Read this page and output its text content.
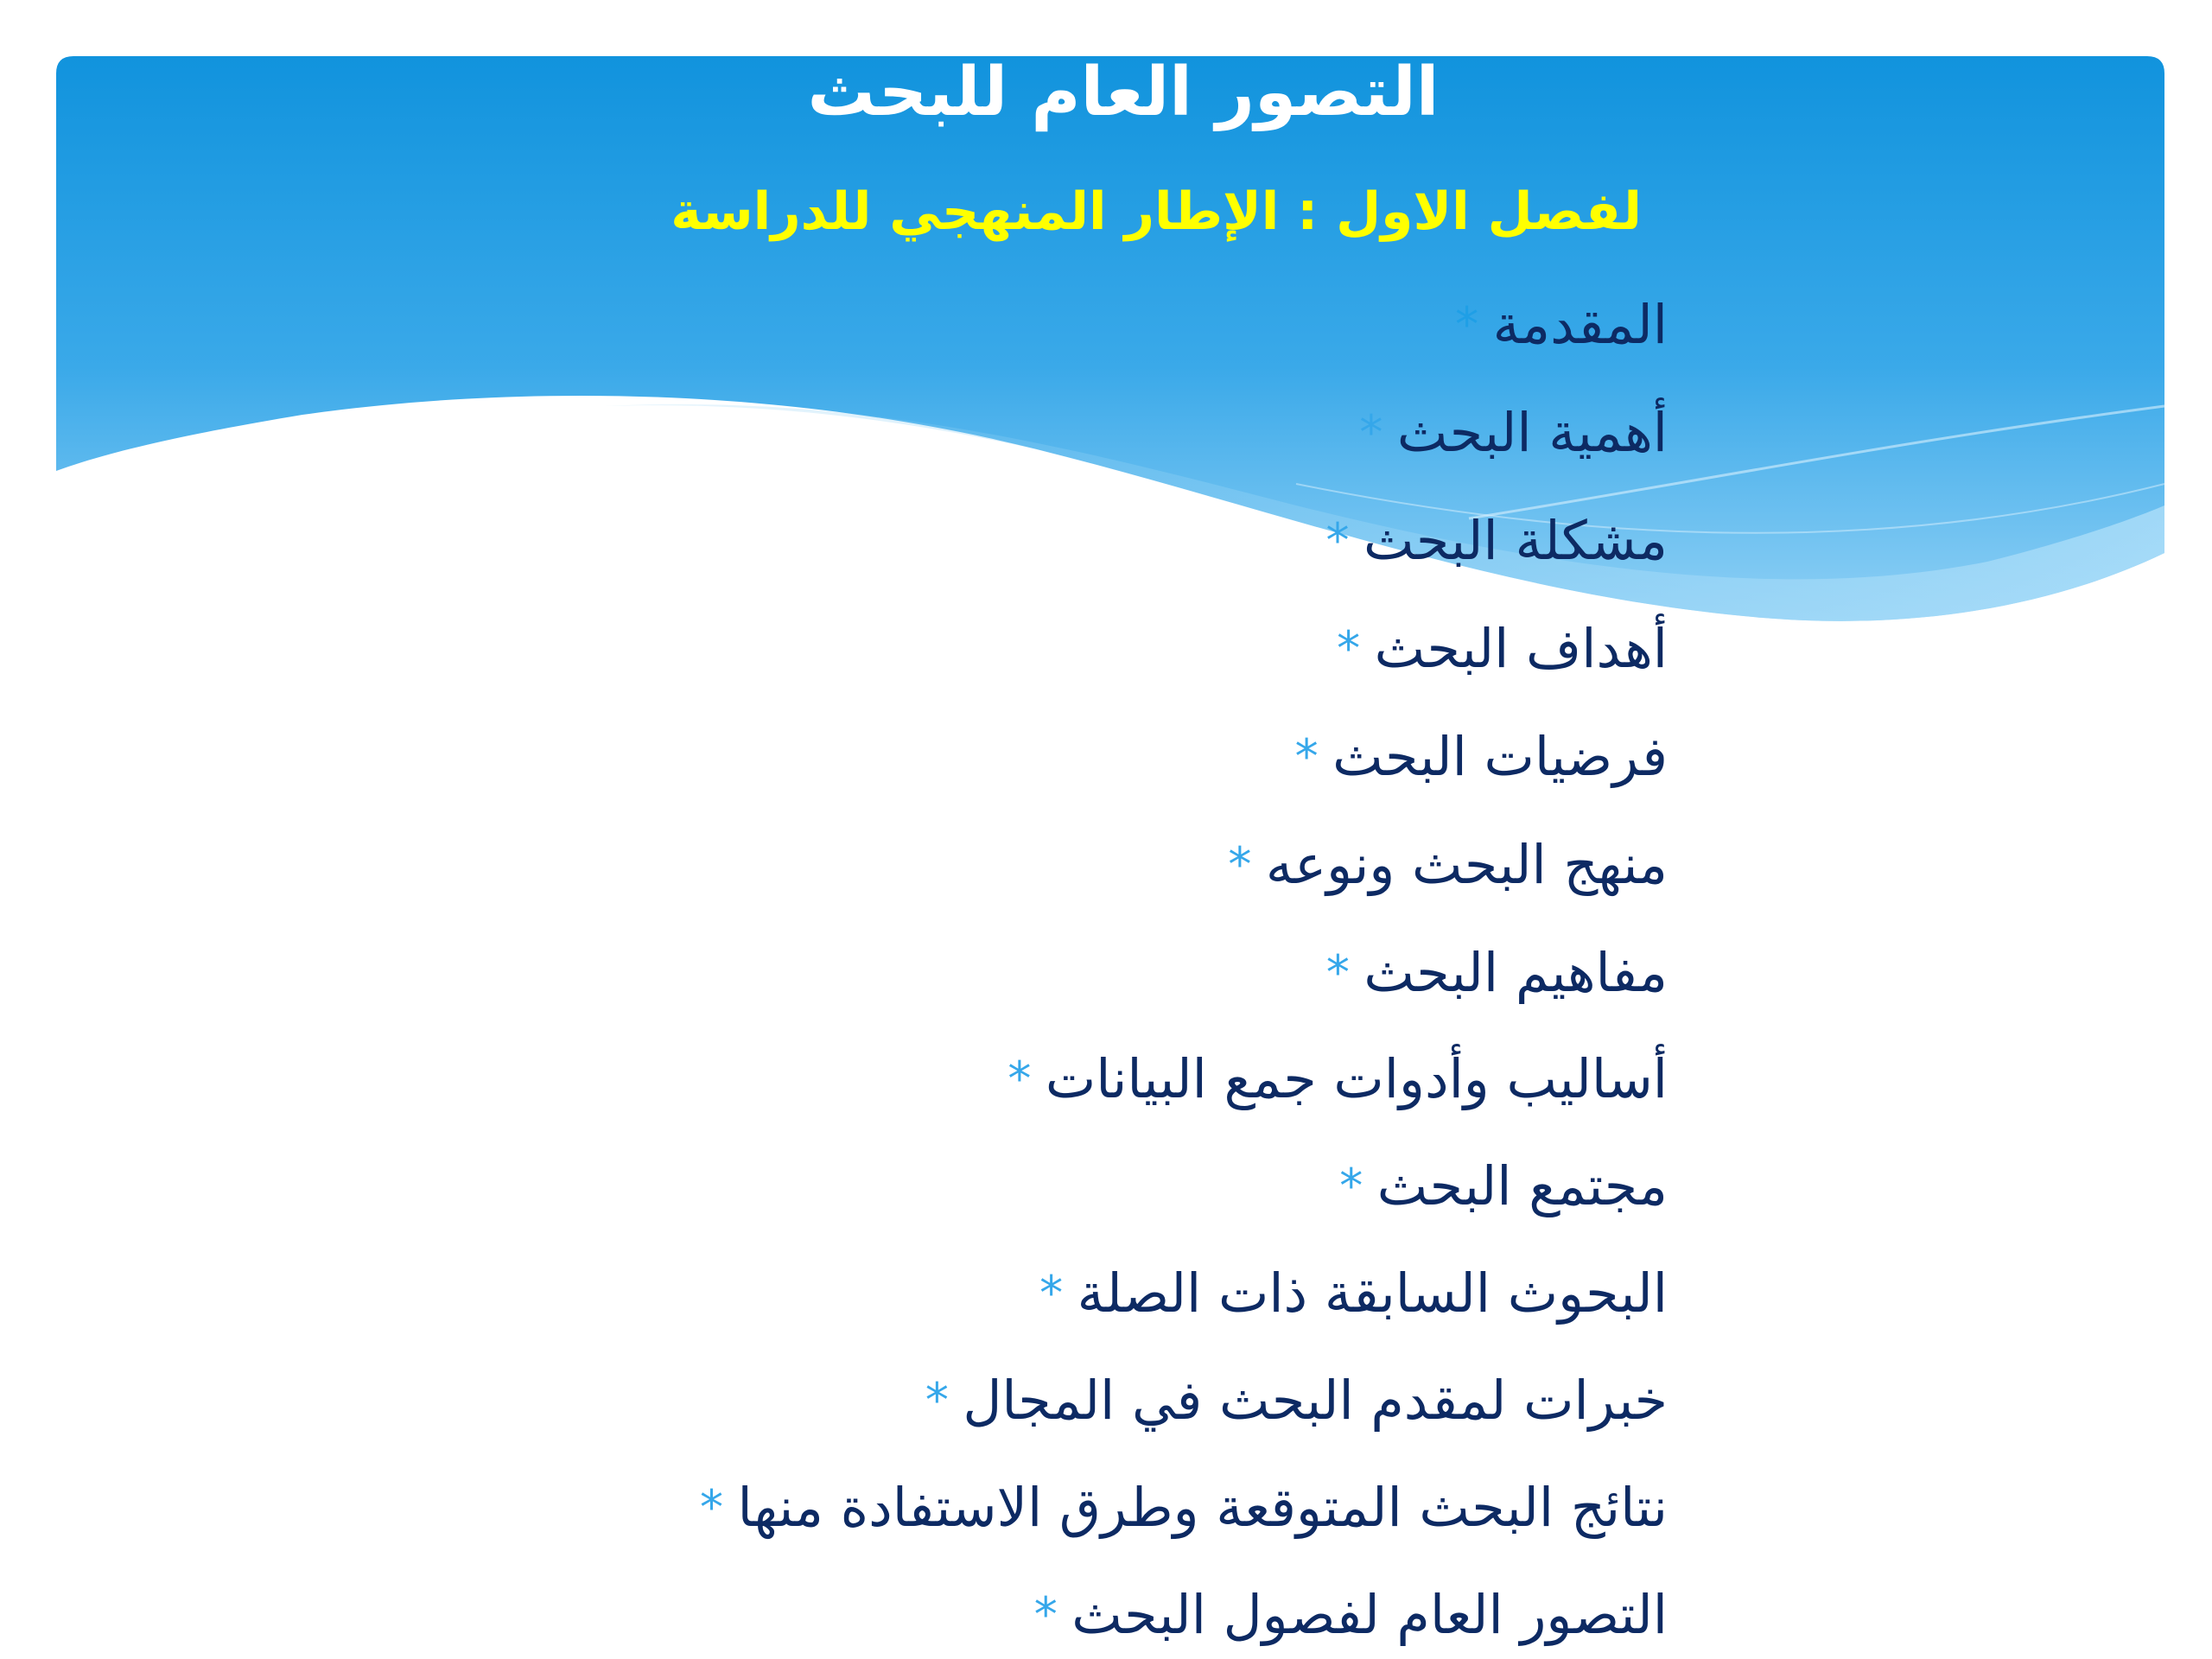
التصور العام للبحث
لفصل الاول : الإطار المنهجي للدراسة
* المقدمة
* أهمية البحث
* مشكلة البحث
* أهداف البحث
* فرضيات البحث
* منهج البحث ونوعه
* مفاهيم البحث
* أساليب وأدوات جمع البيانات
* مجتمع البحث
* البحوث السابقة ذات الصلة
* خبرات لمقدم البحث في المجال
* نتائج البحث المتوقعة وطرق الاستفادة منها
* التصور العام لفصول البحث
